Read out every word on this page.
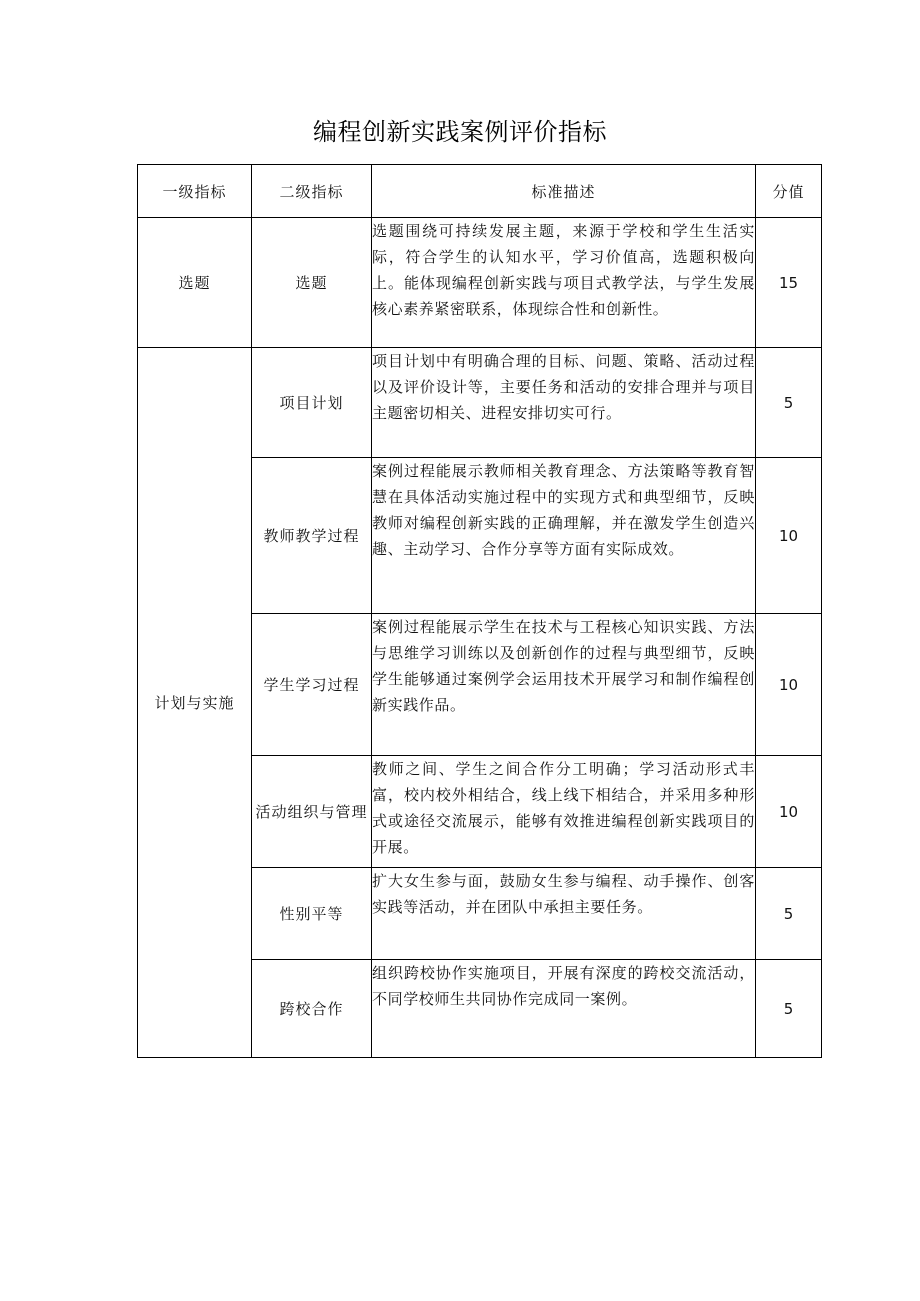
编程创新实践案例评价指标
一级指标	二级指标	标准描述	分值
选题	选题	选题围绕可持续发展主题，来源于学校和学生生活实际，符合学生的认知水平，学习价值高，选题积极向上。能体现编程创新实践与项目式教学法，与学生发展核心素养紧密联系，体现综合性和创新性。	15
计划与实施	项目计划	项目计划中有明确合理的目标、问题、策略、活动过程以及评价设计等，主要任务和活动的安排合理并与项目主题密切相关、进程安排切实可行。	5
	教师教学过程	案例过程能展示教师相关教育理念、方法策略等教育智慧在具体活动实施过程中的实现方式和典型细节，反映教师对编程创新实践的正确理解，并在激发学生创造兴趣、主动学习、合作分享等方面有实际成效。	10
	学生学习过程	案例过程能展示学生在技术与工程核心知识实践、方法与思维学习训练以及创新创作的过程与典型细节，反映学生能够通过案例学会运用技术开展学习和制作编程创新实践作品。	10
	活动组织与管理	教师之间、学生之间合作分工明确；学习活动形式丰富，校内校外相结合，线上线下相结合，并采用多种形式或途径交流展示，能够有效推进编程创新实践项目的开展。	10
	性别平等	扩大女生参与面，鼓励女生参与编程、动手操作、创客实践等活动，并在团队中承担主要任务。	5
	跨校合作	组织跨校协作实施项目，开展有深度的跨校交流活动，不同学校师生共同协作完成同一案例。	5
